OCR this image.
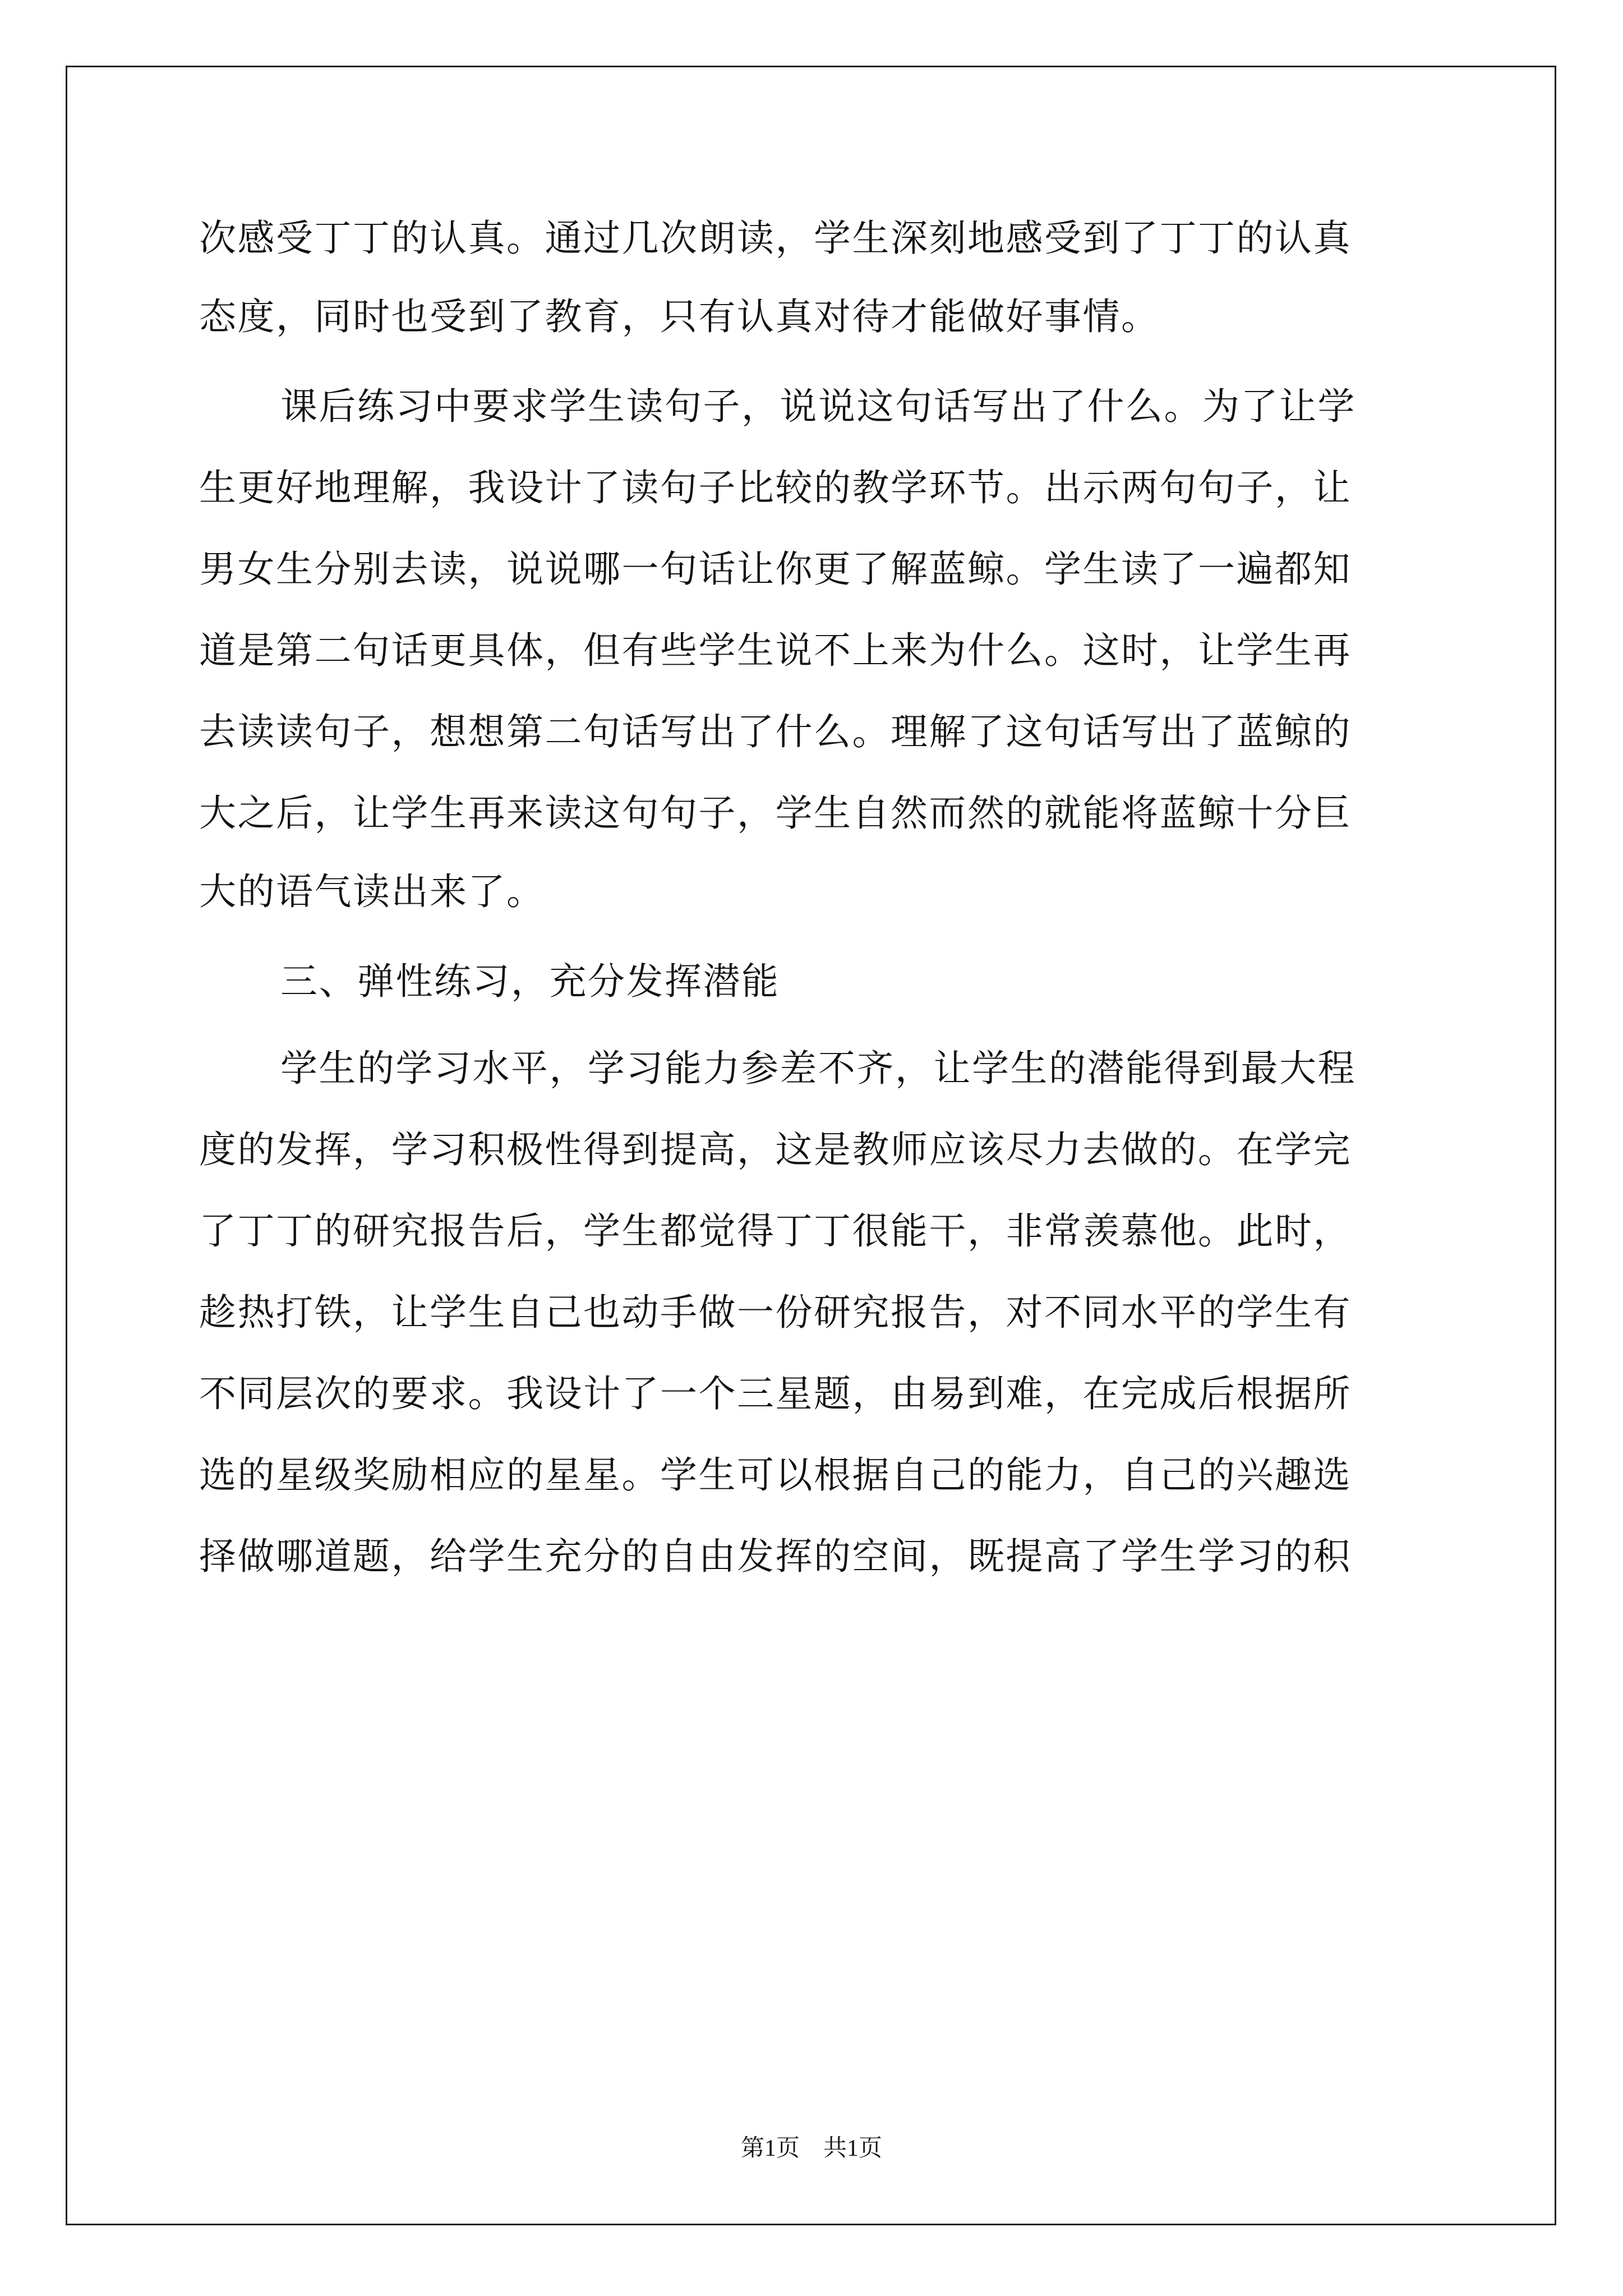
次感受丁丁的认真。通过几次朗读，学生深刻地感受到了丁丁的认真
态度，同时也受到了教育，只有认真对待才能做好事情。
课后练习中要求学生读句子，说说这句话写出了什么。为了让学
生更好地理解，我设计了读句子比较的教学环节。出示两句句子，让
男女生分别去读，说说哪一句话让你更了解蓝鲸。学生读了一遍都知
道是第二句话更具体，但有些学生说不上来为什么。这时，让学生再
去读读句子，想想第二句话写出了什么。理解了这句话写出了蓝鲸的
大之后，让学生再来读这句句子，学生自然而然的就能将蓝鲸十分巨
大的语气读出来了。
三、弹性练习，充分发挥潜能
学生的学习水平，学习能力参差不齐，让学生的潜能得到最大程
度的发挥，学习积极性得到提高，这是教师应该尽力去做的。在学完
了丁丁的研究报告后，学生都觉得丁丁很能干，非常羡慕他。此时，
趁热打铁，让学生自己也动手做一份研究报告，对不同水平的学生有
不同层次的要求。我设计了一个三星题，由易到难，在完成后根据所
选的星级奖励相应的星星。学生可以根据自己的能力，自己的兴趣选
择做哪道题，给学生充分的自由发挥的空间，既提高了学生学习的积
第1页　共1页
